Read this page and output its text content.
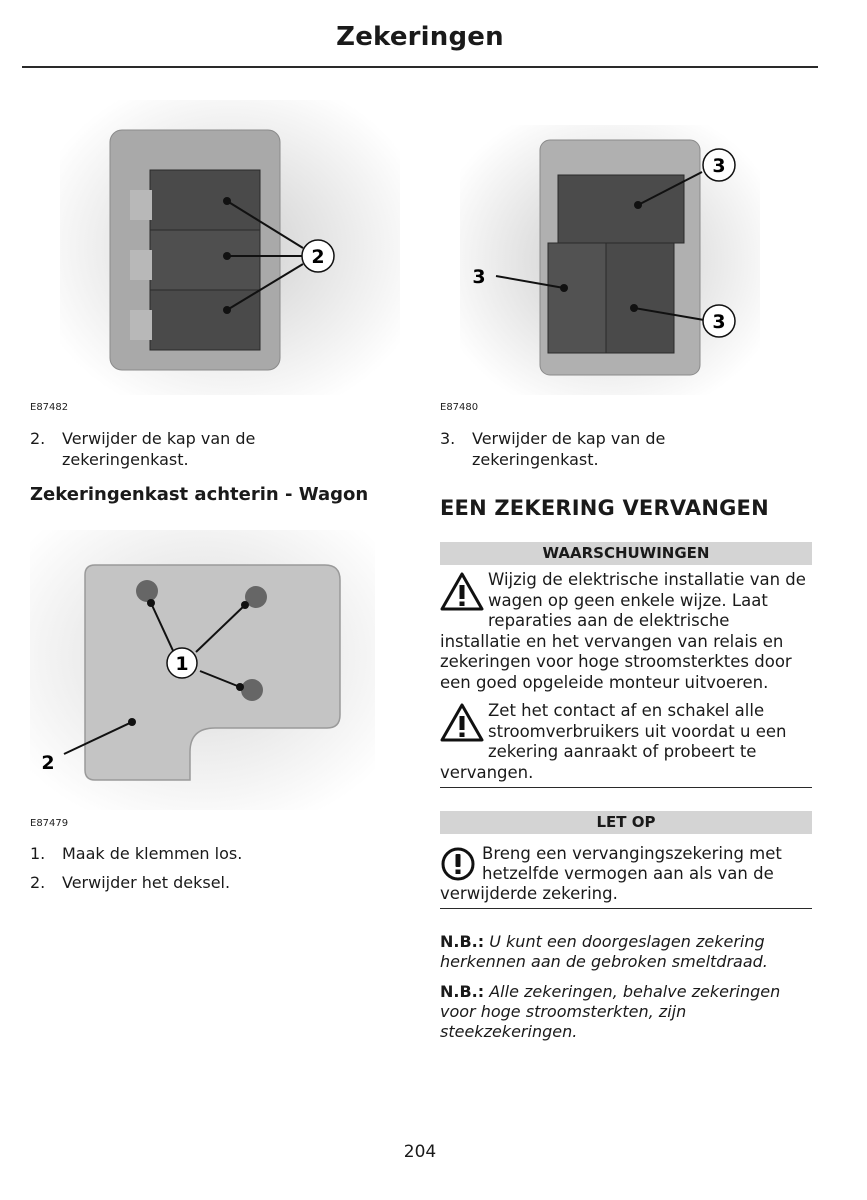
Zekeringen
2
E87482
3
3
3
E87480
2. Verwijder de kap van de zekeringenkast.
3. Verwijder de kap van de zekeringenkast.
Zekeringenkast achterin - Wagon
EEN ZEKERING VERVANGEN
1
2
E87479
1. Maak de klemmen los.
2. Verwijder het deksel.
WAARSCHUWINGEN
Wijzig de elektrische installatie van de wagen op geen enkele wijze. Laat reparaties aan de elektrische installatie en het vervangen van relais en zekeringen voor hoge stroomsterktes door een goed opgeleide monteur uitvoeren.
Zet het contact af en schakel alle stroomverbruikers uit voordat u een zekering aanraakt of probeert te vervangen.
LET OP
Breng een vervangingszekering met hetzelfde vermogen aan als van de verwijderde zekering.
N.B.: U kunt een doorgeslagen zekering herkennen aan de gebroken smeltdraad.
N.B.: Alle zekeringen, behalve zekeringen voor hoge stroomsterkten, zijn steekzekeringen.
204
